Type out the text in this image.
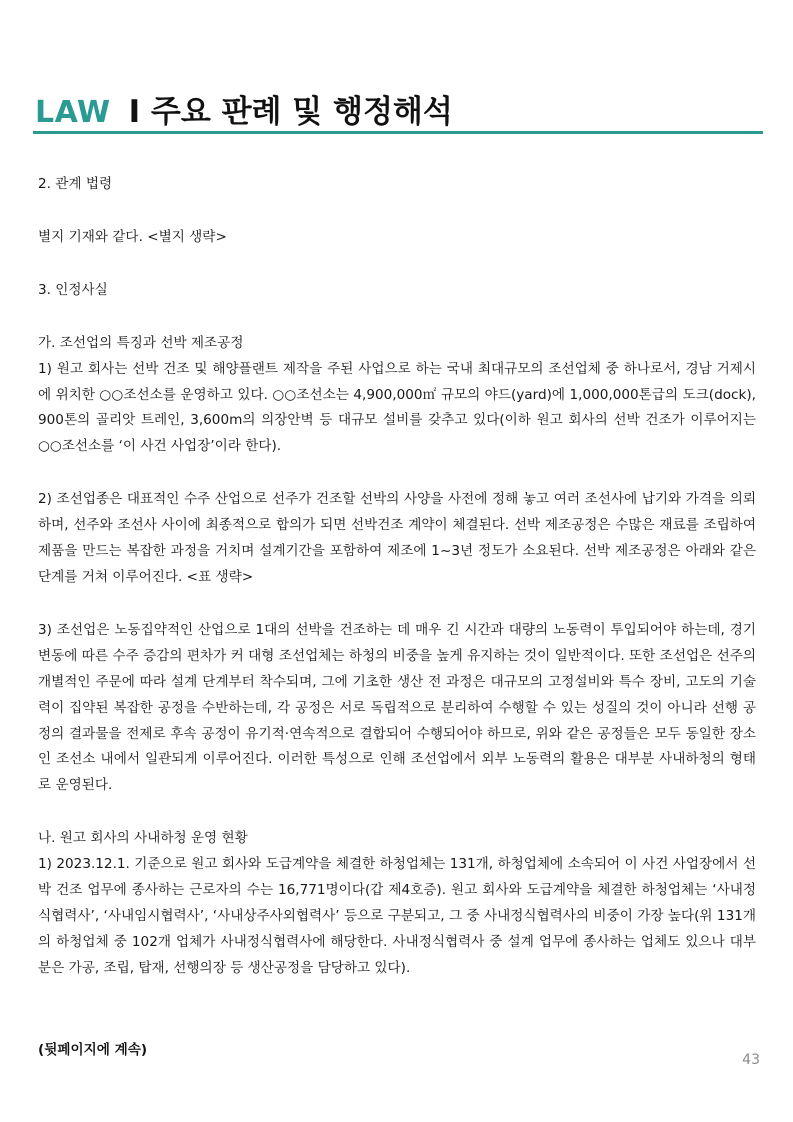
LAW I 주요 판례 및 행정해석

2. 관계 법령

별지 기재와 같다. <별지 생략>

3. 인정사실

가. 조선업의 특징과 선박 제조공정

1) 원고 회사는 선박 건조 및 해양플랜트 제작을 주된 사업으로 하는 국내 최대규모의 조선업체 중 하나로서, 경남 거제시에 위치한 ○○조선소를 운영하고 있다. ○○조선소는 4,900,000㎡ 규모의 야드(yard)에 1,000,000톤급의 도크(dock), 900톤의 골리앗 트레인, 3,600m의 의장안벽 등 대규모 설비를 갖추고 있다(이하 원고 회사의 선박 건조가 이루어지는 ○○조선소를 ‘이 사건 사업장’이라 한다).

2) 조선업종은 대표적인 수주 산업으로 선주가 건조할 선박의 사양을 사전에 정해 놓고 여러 조선사에 납기와 가격을 의뢰하며, 선주와 조선사 사이에 최종적으로 합의가 되면 선박건조 계약이 체결된다. 선박 제조공정은 수많은 재료를 조립하여 제품을 만드는 복잡한 과정을 거치며 설계기간을 포함하여 제조에 1~3년 정도가 소요된다. 선박 제조공정은 아래와 같은 단계를 거쳐 이루어진다. <표 생략>

3) 조선업은 노동집약적인 산업으로 1대의 선박을 건조하는 데 매우 긴 시간과 대량의 노동력이 투입되어야 하는데, 경기변동에 따른 수주 증감의 편차가 커 대형 조선업체는 하청의 비중을 높게 유지하는 것이 일반적이다. 또한 조선업은 선주의 개별적인 주문에 따라 설계 단계부터 착수되며, 그에 기초한 생산 전 과정은 대규모의 고정설비와 특수 장비, 고도의 기술력이 집약된 복잡한 공정을 수반하는데, 각 공정은 서로 독립적으로 분리하여 수행할 수 있는 성질의 것이 아니라 선행 공정의 결과물을 전제로 후속 공정이 유기적·연속적으로 결합되어 수행되어야 하므로, 위와 같은 공정들은 모두 동일한 장소인 조선소 내에서 일관되게 이루어진다. 이러한 특성으로 인해 조선업에서 외부 노동력의 활용은 대부분 사내하청의 형태로 운영된다.

나. 원고 회사의 사내하청 운영 현황

1) 2023.12.1. 기준으로 원고 회사와 도급계약을 체결한 하청업체는 131개, 하청업체에 소속되어 이 사건 사업장에서 선박 건조 업무에 종사하는 근로자의 수는 16,771명이다(갑 제4호증). 원고 회사와 도급계약을 체결한 하청업체는 ‘사내정식협력사’, ‘사내임시협력사’, ‘사내상주사외협력사’ 등으로 구분되고, 그 중 사내정식협력사의 비중이 가장 높다(위 131개의 하청업체 중 102개 업체가 사내정식협력사에 해당한다. 사내정식협력사 중 설계 업무에 종사하는 업체도 있으나 대부분은 가공, 조립, 탑재, 선행의장 등 생산공정을 담당하고 있다).

(뒷페이지에 계속)
43
